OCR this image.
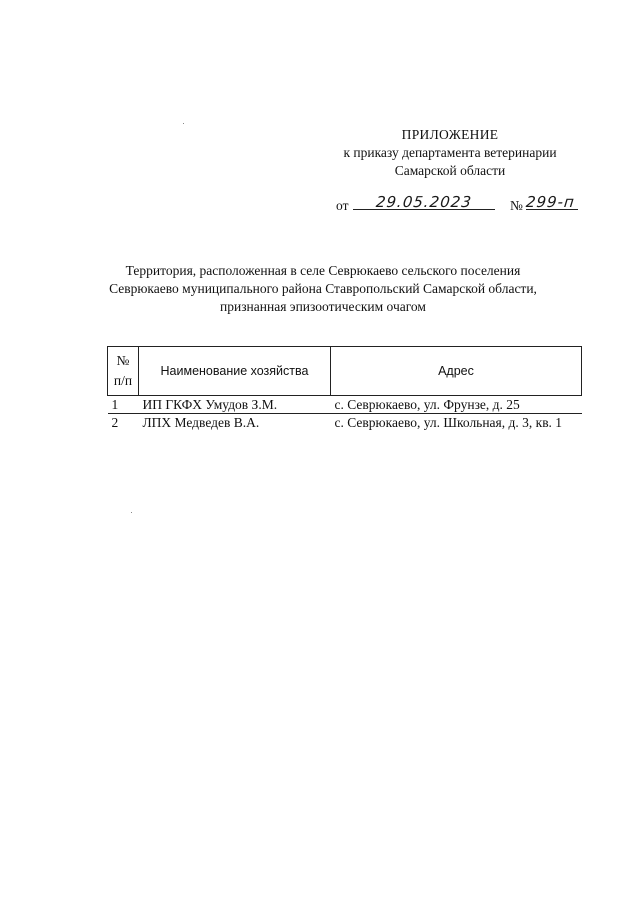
ПРИЛОЖЕНИЕ
к приказу департамента ветеринарии
Самарской области
от	29.05.2023	№ 299-п
Территория, расположенная в селе Севрюкаево сельского поселения
Севрюкаево муниципального района Ставропольский Самарской области,
признанная эпизоотическим очагом
№
п/п	Наименование хозяйства	Адрес
1	ИП ГКФХ Умудов З.М.	с. Севрюкаево, ул. Фрунзе, д. 25
2	ЛПХ Медведев В.А.	с. Севрюкаево, ул. Школьная, д. 3, кв. 1
